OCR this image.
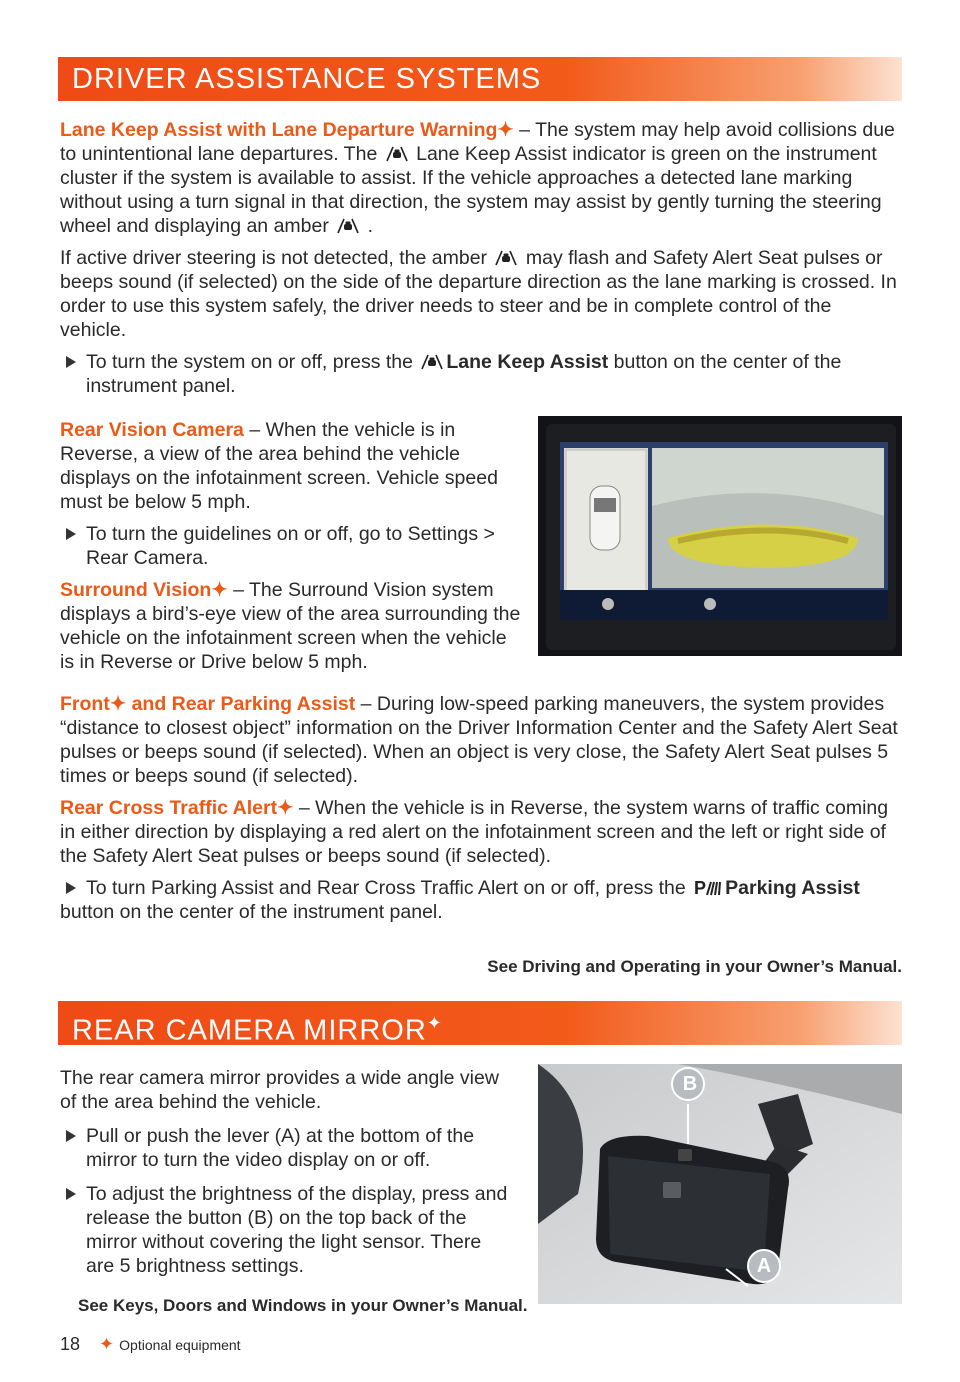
DRIVER ASSISTANCE SYSTEMS

Lane Keep Assist with Lane Departure Warning✦ – The system may help avoid collisions due to unintentional lane departures. The  Lane Keep Assist indicator is green on the instrument cluster if the system is available to assist. If the vehicle approaches a detected lane marking without using a turn signal in that direction, the system may assist by gently turning the steering wheel and displaying an amber  .

If active driver steering is not detected, the amber  may flash and Safety Alert Seat pulses or beeps sound (if selected) on the side of the departure direction as the lane marking is crossed. In order to use this system safely, the driver needs to steer and be in complete control of the vehicle.

To turn the system on or off, press the Lane Keep Assist button on the center of the instrument panel.

Rear Vision Camera – When the vehicle is in Reverse, a view of the area behind the vehicle displays on the infotainment screen. Vehicle speed must be below 5 mph.

To turn the guidelines on or off, go to Settings > Rear Camera.

Surround Vision✦ – The Surround Vision system displays a bird’s-eye view of the area surrounding the vehicle on the infotainment screen when the vehicle is in Reverse or Drive below 5 mph.

Front✦ and Rear Parking Assist – During low-speed parking maneuvers, the system provides “distance to closest object” information on the Driver Information Center and the Safety Alert Seat pulses or beeps sound (if selected). When an object is very close, the Safety Alert Seat pulses 5 times or beeps sound (if selected).

Rear Cross Traffic Alert✦ – When the vehicle is in Reverse, the system warns of traffic coming in either direction by displaying a red alert on the infotainment screen and the left or right side of the Safety Alert Seat pulses or beeps sound (if selected).

To turn Parking Assist and Rear Cross Traffic Alert on or off, press the P Parking Assist
button on the center of the instrument panel.

See Driving and Operating in your Owner’s Manual.
REAR CAMERA MIRROR✦

The rear camera mirror provides a wide angle view of the area behind the vehicle.

Pull or push the lever (A) at the bottom of the mirror to turn the video display on or off.

To adjust the brightness of the display, press and release the button (B) on the top back of the mirror without covering the light sensor. There are 5 brightness settings.

See Keys, Doors and Windows in your Owner’s Manual.
B
A
18 ✦ Optional equipment
